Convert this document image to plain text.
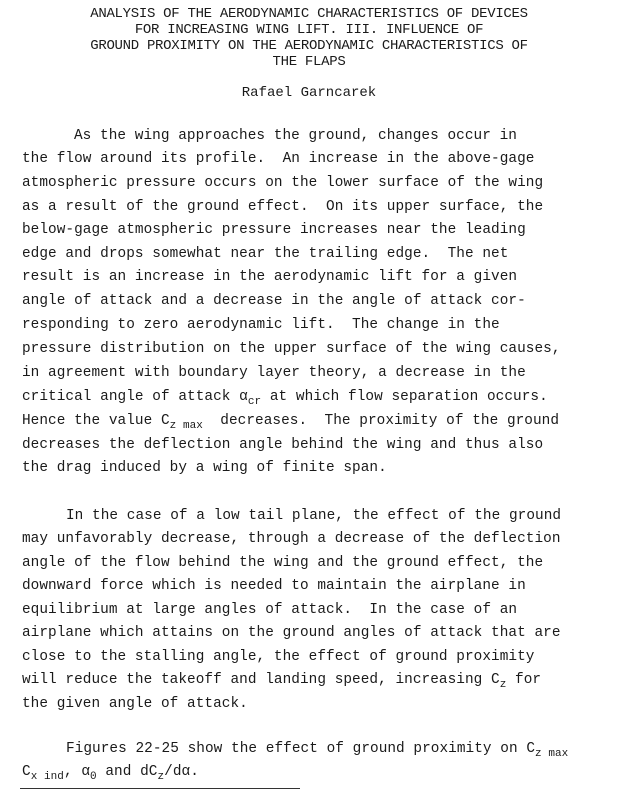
ANALYSIS OF THE AERODYNAMIC CHARACTERISTICS OF DEVICES
FOR INCREASING WING LIFT. III. INFLUENCE OF
GROUND PROXIMITY ON THE AERODYNAMIC CHARACTERISTICS OF
THE FLAPS
Rafael Garncarek
As the wing approaches the ground, changes occur in
the flow around its profile.  An increase in the above-gage
atmospheric pressure occurs on the lower surface of the wing
as a result of the ground effect.  On its upper surface, the
below-gage atmospheric pressure increases near the leading
edge and drops somewhat near the trailing edge.  The net
result is an increase in the aerodynamic lift for a given
angle of attack and a decrease in the angle of attack cor-
responding to zero aerodynamic lift.  The change in the
pressure distribution on the upper surface of the wing causes,
in agreement with boundary layer theory, a decrease in the
critical angle of attack $\alpha_{cr}$ at which flow separation occurs.
Hence the value $C_{z max}$  decreases.  The proximity of the ground
decreases the deflection angle behind the wing and thus also
the drag induced by a wing of finite span.
In the case of a low tail plane, the effect of the ground
may unfavorably decrease, through a decrease of the deflection
angle of the flow behind the wing and the ground effect, the
downward force which is needed to maintain the airplane in
equilibrium at large angles of attack.  In the case of an
airplane which attains on the ground angles of attack that are
close to the stalling angle, the effect of ground proximity
will reduce the takeoff and landing speed, increasing $C_z$ for
the given angle of attack.
Figures 22-25 show the effect of ground proximity on $C_{z max}$
$C_{x ind}$, $\alpha_0$ and $dC_z/d\alpha$.
